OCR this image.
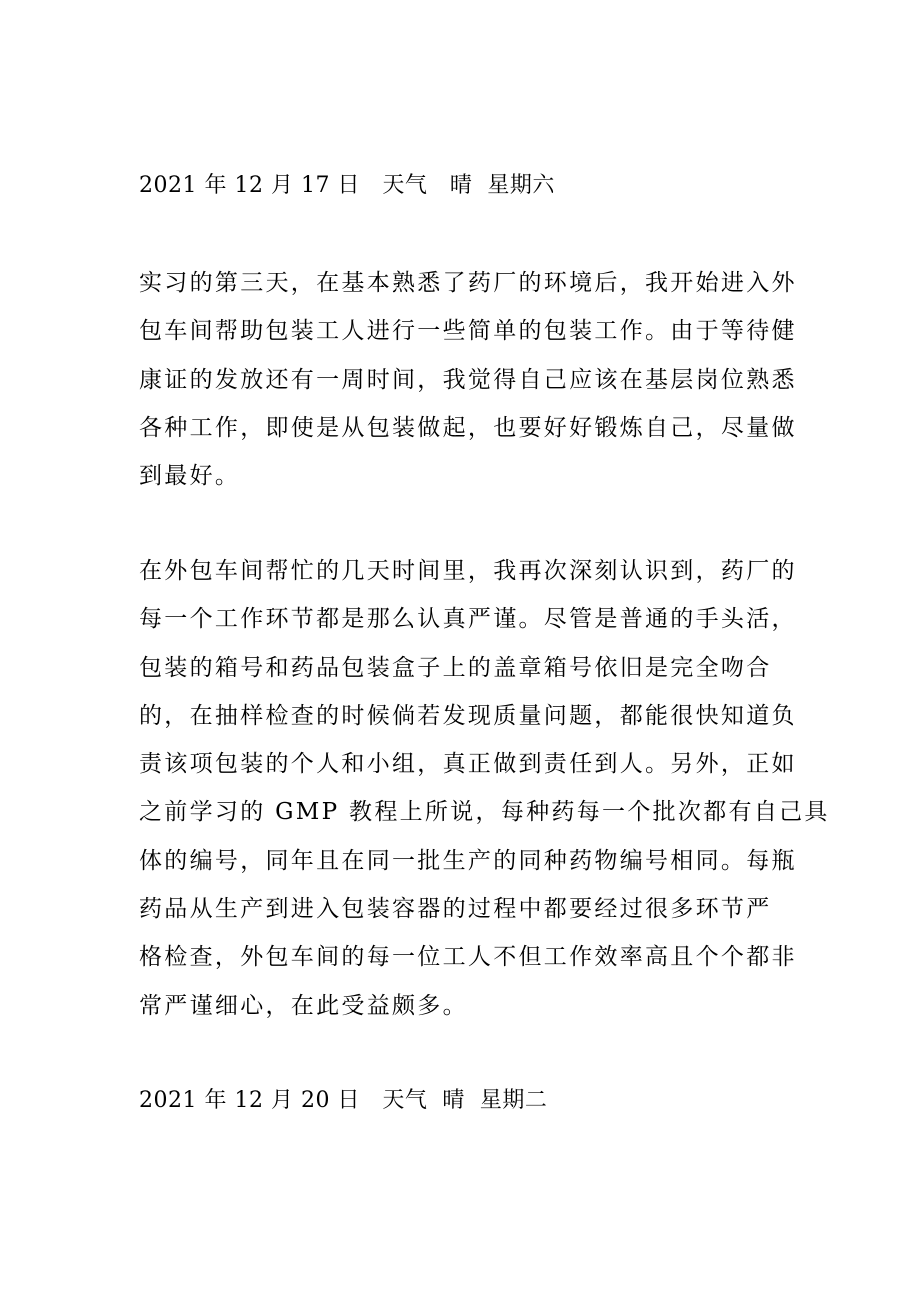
2021 年 12 月 17 日   天气   晴  星期六
实习的第三天，在基本熟悉了药厂的环境后，我开始进入外
包车间帮助包装工人进行一些简单的包装工作。由于等待健
康证的发放还有一周时间，我觉得自己应该在基层岗位熟悉
各种工作，即使是从包装做起，也要好好锻炼自己，尽量做
到最好。
在外包车间帮忙的几天时间里，我再次深刻认识到，药厂的
每一个工作环节都是那么认真严谨。尽管是普通的手头活，
包装的箱号和药品包装盒子上的盖章箱号依旧是完全吻合
的，在抽样检查的时候倘若发现质量问题，都能很快知道负
责该项包装的个人和小组，真正做到责任到人。另外，正如
之前学习的 GMP 教程上所说，每种药每一个批次都有自己具
体的编号，同年且在同一批生产的同种药物编号相同。每瓶
药品从生产到进入包装容器的过程中都要经过很多环节严
格检查，外包车间的每一位工人不但工作效率高且个个都非
常严谨细心，在此受益颇多。
2021 年 12 月 20 日   天气  晴  星期二
